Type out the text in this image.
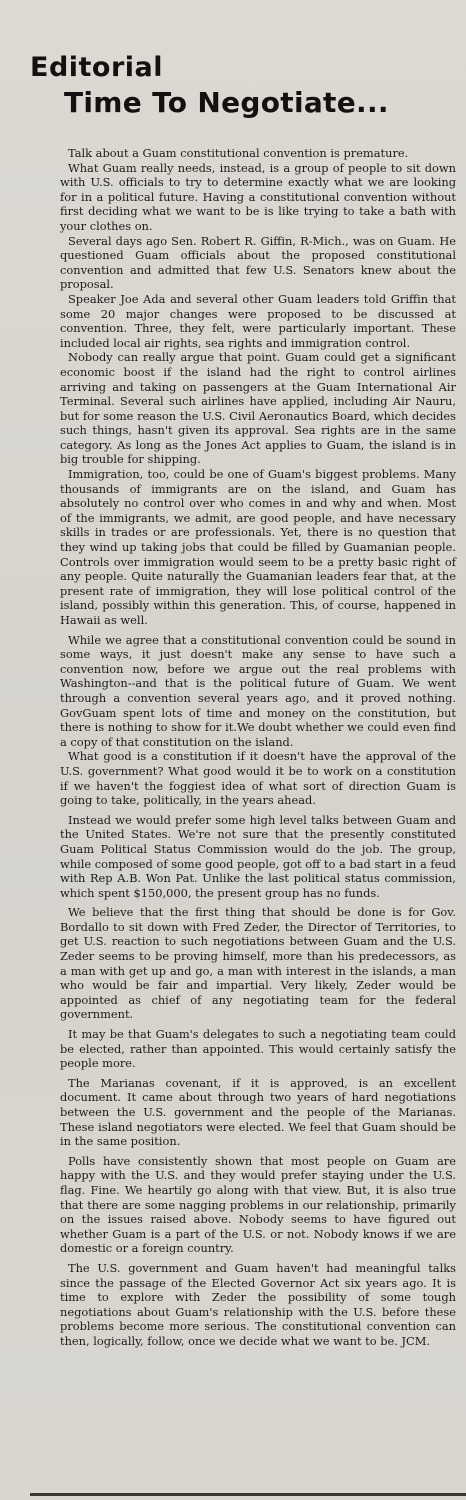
Editorial
Time To Negotiate...

Talk about a Guam constitutional convention is premature.

What Guam really needs, instead, is a group of people to sit down with U.S. officials to try to determine exactly what we are looking for in a political future. Having a constitutional convention without first deciding what we want to be is like trying to take a bath with your clothes on.

Several days ago Sen. Robert R. Giffin, R-Mich., was on Guam. He questioned Guam officials about the proposed constitutional convention and admitted that few U.S. Senators knew about the proposal.

Speaker Joe Ada and several other Guam leaders told Griffin that some 20 major changes were proposed to be discussed at convention. Three, they felt, were particularly important. These included local air rights, sea rights and immigration control.

Nobody can really argue that point. Guam could get a significant economic boost if the island had the right to control airlines arriving and taking on passengers at the Guam International Air Terminal. Several such airlines have applied, including Air Nauru, but for some reason the U.S. Civil Aeronautics Board, which decides such things, hasn't given its approval. Sea rights are in the same category. As long as the Jones Act applies to Guam, the island is in big trouble for shipping.

Immigration, too, could be one of Guam's biggest problems. Many thousands of immigrants are on the island, and Guam has absolutely no control over who comes in and why and when. Most of the immigrants, we admit, are good people, and have necessary skills in trades or are professionals. Yet, there is no question that they wind up taking jobs that could be filled by Guamanian people. Controls over immigration would seem to be a pretty basic right of any people. Quite naturally the Guamanian leaders fear that, at the present rate of immigration, they will lose political control of the island, possibly within this generation. This, of course, happened in Hawaii as well.

While we agree that a constitutional convention could be sound in some ways, it just doesn't make any sense to have such a convention now, before we argue out the real problems with Washington--and that is the political future of Guam. We went through a convention several years ago, and it proved nothing. GovGuam spent lots of time and money on the constitution, but there is nothing to show for it.We doubt whether we could even find a copy of that constitution on the island.

What good is a constitution if it doesn't have the approval of the U.S. government? What good would it be to work on a constitution if we haven't the foggiest idea of what sort of direction Guam is going to take, politically, in the years ahead.

Instead we would prefer some high level talks between Guam and the United States. We're not sure that the presently constituted Guam Political Status Commission would do the job. The group, while composed of some good people, got off to a bad start in a feud with Rep A.B. Won Pat. Unlike the last political status commission, which spent $150,000, the present group has no funds.

We believe that the first thing that should be done is for Gov. Bordallo to sit down with Fred Zeder, the Director of Territories, to get U.S. reaction to such negotiations between Guam and the U.S. Zeder seems to be proving himself, more than his predecessors, as a man with get up and go, a man with interest in the islands, a man who would be fair and impartial. Very likely, Zeder would be appointed as chief of any negotiating team for the federal government.

It may be that Guam's delegates to such a negotiating team could be elected, rather than appointed. This would certainly satisfy the people more.

The Marianas covenant, if it is approved, is an excellent document. It came about through two years of hard negotiations between the U.S. government and the people of the Marianas. These island negotiators were elected. We feel that Guam should be in the same position.

Polls have consistently shown that most people on Guam are happy with the U.S. and they would prefer staying under the U.S. flag. Fine. We heartily go along with that view. But, it is also true that there are some nagging problems in our relationship, primarily on the issues raised above. Nobody seems to have figured out whether Guam is a part of the U.S. or not. Nobody knows if we are domestic or a foreign country.

The U.S. government and Guam haven't had meaningful talks since the passage of the Elected Governor Act six years ago. It is time to explore with Zeder the possibility of some tough negotiations about Guam's relationship with the U.S. before these problems become more serious. The constitutional convention can then, logically, follow, once we decide what we want to be. JCM.
